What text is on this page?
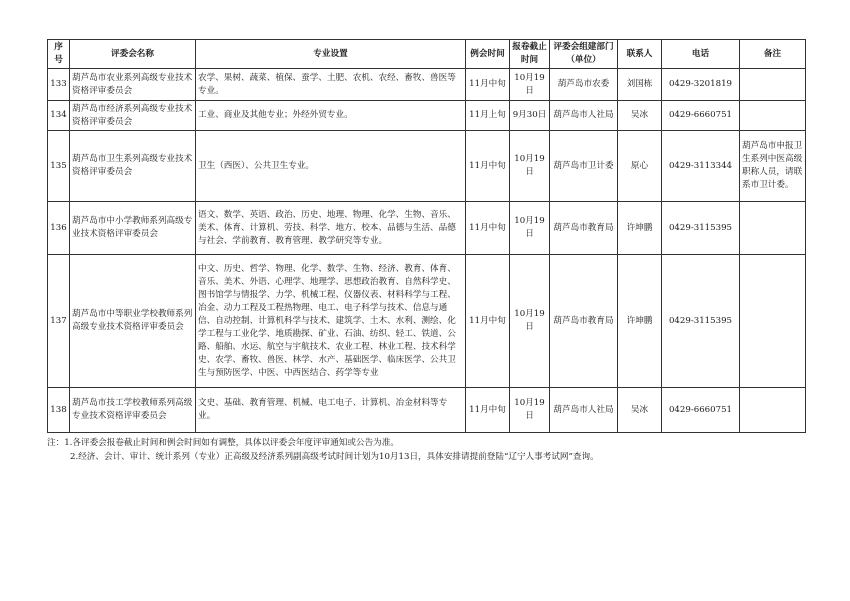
序号	评委会名称	专业设置	例会时间	报卷截止时间	评委会组建部门（单位）	联系人	电话	备注
133	葫芦岛市农业系列高级专业技术资格评审委员会	农学、果树、蔬菜、植保、蚕学、土肥、农机、农经、畜牧、兽医等专业。	11月中旬	10月19日	葫芦岛市农委	刘国栋	0429-3201819	
134	葫芦岛市经济系列高级专业技术资格评审委员会	工业、商业及其他专业；外经外贸专业。	11月上旬	9月30日	葫芦岛市人社局	吴冰	0429-6660751	
135	葫芦岛市卫生系列高级专业技术资格评审委员会	卫生（西医）、公共卫生专业。	11月中旬	10月19日	葫芦岛市卫计委	原心	0429-3113344	葫芦岛市申报卫生系列中医高级职称人员，请联系市卫计委。
136	葫芦岛市中小学教师系列高级专业技术资格评审委员会	语文、数学、英语、政治、历史、地理、物理、化学、生物、音乐、美术、体育、计算机、劳技、科学、地方、校本、品德与生活、品德与社会、学前教育、教育管理、教学研究等专业。	11月中旬	10月19日	葫芦岛市教育局	许坤鹏	0429-3115395	
137	葫芦岛市中等职业学校教师系列高级专业技术资格评审委员会	中文、历史、哲学、物理、化学、数学、生物、经济、教育、体育、音乐、美术、外语、心理学、地理学、思想政治教育、自然科学史、图书馆学与情报学、力学、机械工程、仪器仪表、材料科学与工程、冶金、动力工程及工程热物理、电工、电子科学与技术、信息与通信、自动控制、计算机科学与技术、建筑学、土木、水利、测绘、化学工程与工业化学、地质勘探、矿业、石油、纺织、轻工、铁道、公路、船舶、水运、航空与宇航技术、农业工程、林业工程、技术科学史、农学、畜牧、兽医、林学、水产、基础医学、临床医学、公共卫生与预防医学、中医、中西医结合、药学等专业	11月中旬	10月19日	葫芦岛市教育局	许坤鹏	0429-3115395	
138	葫芦岛市技工学校教师系列高级专业技术资格评审委员会	文史、基础、教育管理、机械、电工电子、计算机、冶金材料等专业。	11月中旬	10月19日	葫芦岛市人社局	吴冰	0429-6660751	
注：1.各评委会报卷截止时间和例会时间如有调整，具体以评委会年度评审通知或公告为准。
2.经济、会计、审计、统计系列（专业）正高级及经济系列副高级考试时间计划为10月13日，具体安排请提前登陆“辽宁人事考试网”查询。
